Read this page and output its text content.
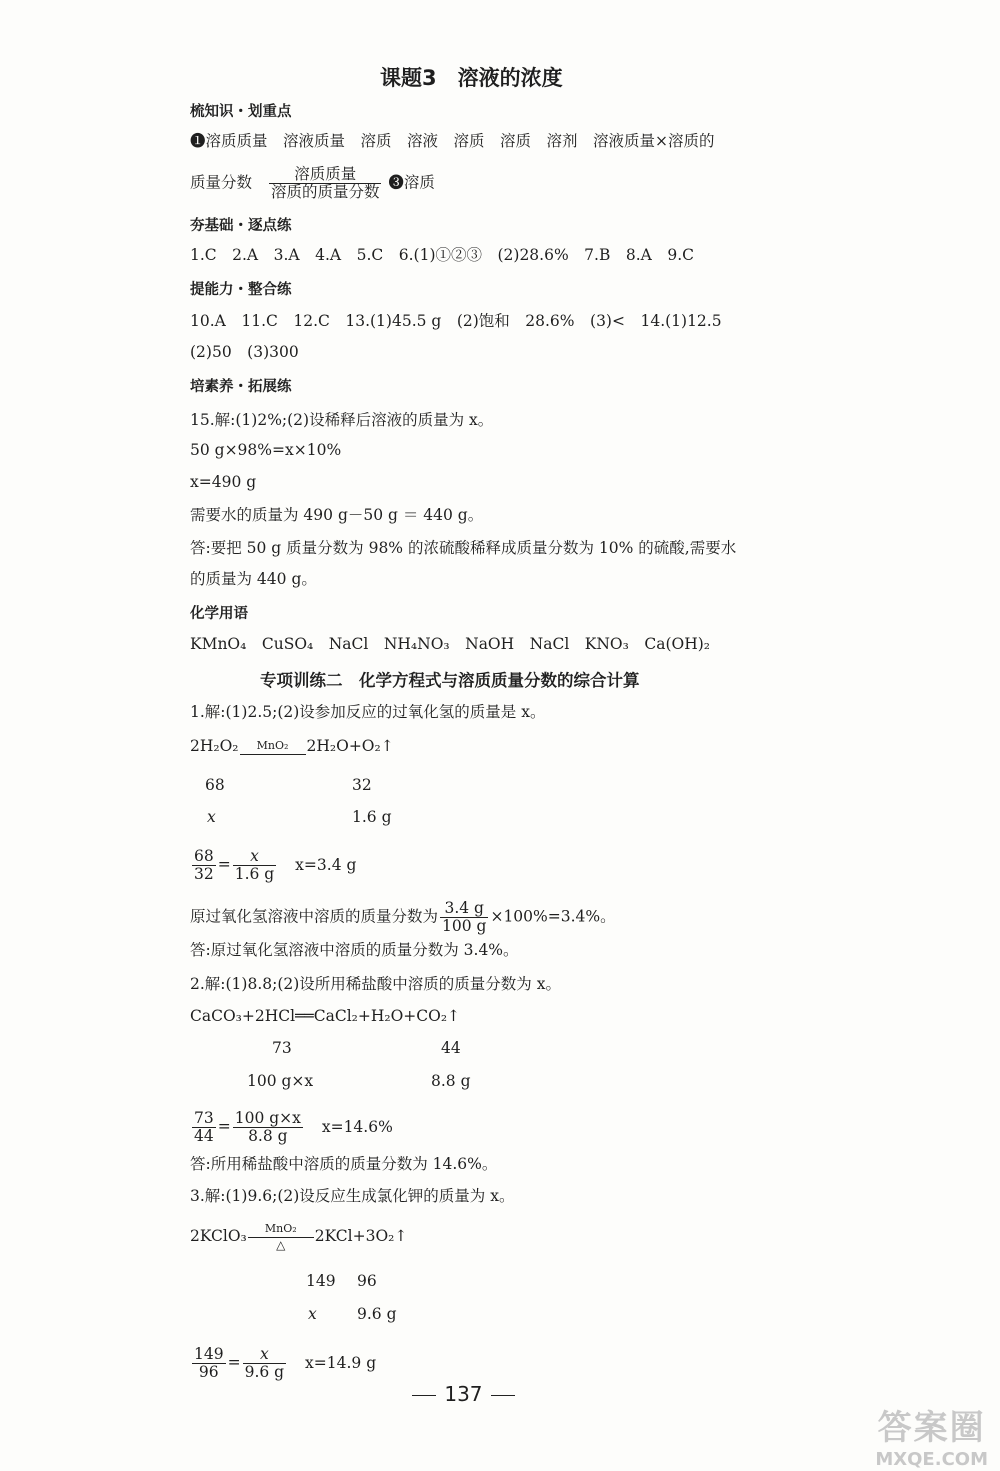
课题3　溶液的浓度
梳知识・划重点
❶溶质质量　溶液质量　溶质　溶液　溶质　溶质　溶剂　溶液质量×溶质的
质量分数 $\frac{\text{溶质质量}}{\text{溶质的质量分数}}$ ❸溶质
夯基础・逐点练
1.C　2.A　3.A　4.A　5.C　6.(1)①②③　(2)28.6%　7.B　8.A　9.C
提能力・整合练
10.A　11.C　12.C　13.(1)45.5 g　(2)饱和　28.6%　(3)<　14.(1)12.5
(2)50　(3)300
培素养・拓展练
15.解:(1)2%;(2)设稀释后溶液的质量为 x。
50 g×98%=x×10%
x=490 g
需要水的质量为 490 g－50 g ＝ 440 g。
答:要把 50 g 质量分数为 98% 的浓硫酸稀释成质量分数为 10% 的硫酸,需要水
的质量为 440 g。
化学用语
KMnO₄　CuSO₄　NaCl　NH₄NO₃　NaOH　NaCl　KNO₃　Ca(OH)₂
专项训练二　化学方程式与溶质质量分数的综合计算
1.解:(1)2.5;(2)设参加反应的过氧化氢的质量是 x。
2H₂O₂ MnO₂ 2H₂O+O₂↑
68	32
x	1.6 g
$\frac{68}{32} = \frac{x}{1.6 g} x=3.4$ g
原过氧化氢溶液中溶质的质量分数为 $\frac{3.4 g}{100 g} \times 100\%=3.4\%$。
答:原过氧化氢溶液中溶质的质量分数为 3.4%。
2.解:(1)8.8;(2)设所用稀盐酸中溶质的质量分数为 x。
CaCO₃+2HCl══CaCl₂+H₂O+CO₂↑
73	44
100 g×x	8.8 g
$\frac{73}{44} = \frac{100 g\times x}{8.8 g} x=14.6\%$
答:所用稀盐酸中溶质的质量分数为 14.6%。
3.解:(1)9.6;(2)设反应生成氯化钾的质量为 x。
2KClO₃ MnO₂
△	2KCl+3O₂↑
149 96
x	9.6 g
$\frac{149}{96} = \frac{x}{9.6 g} x=14.9$ g
137
答案圈
MXQE.COM
